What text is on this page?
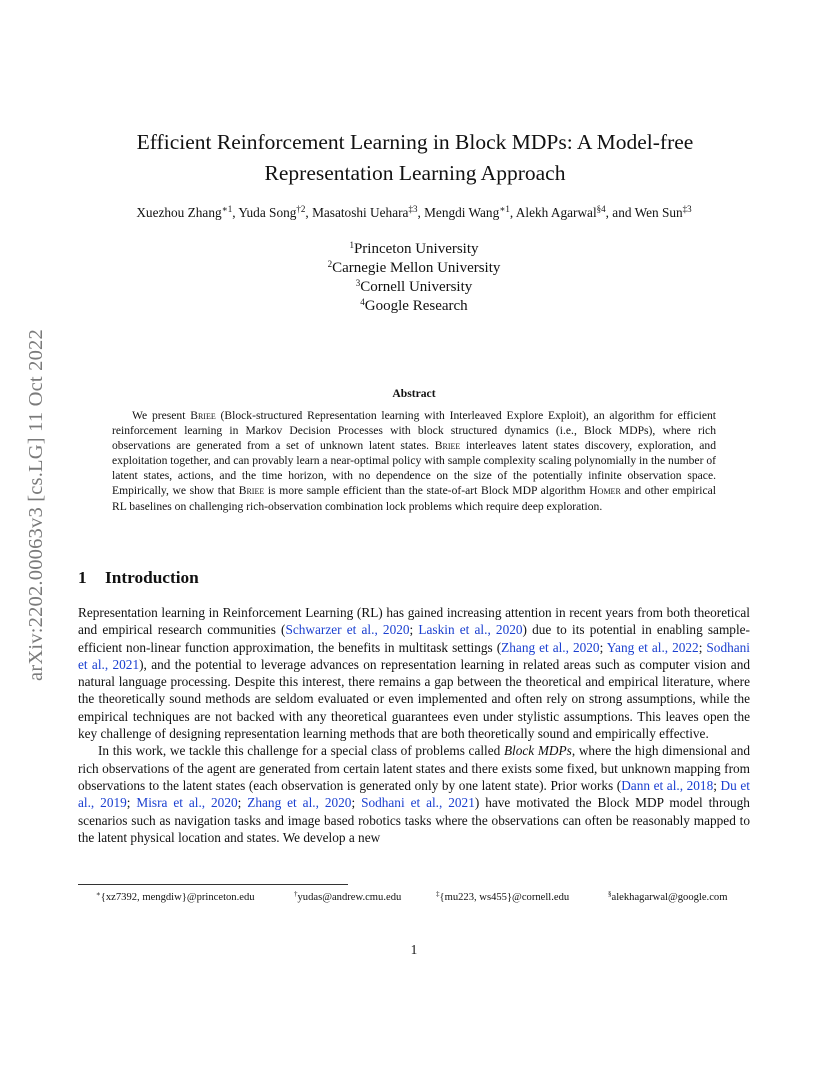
arXiv:2202.00063v3 [cs.LG] 11 Oct 2022
Efficient Reinforcement Learning in Block MDPs: A Model-free
Representation Learning Approach
Xuezhou Zhang$^{∗1}$, Yuda Song$^{\dagger 2}$, Masatoshi Uehara$^{\ddagger 3}$, Mengdi Wang$^{∗1}$, Alekh Agarwal$^{\S 4}$, and Wen Sun$^{\ddagger 3}$
$^1$Princeton University
$^2$Carnegie Mellon University
$^3$Cornell University
$^4$Google Research
Abstract

We present Briee (Block-structured Representation learning with Interleaved Explore Exploit), an algorithm for efficient reinforcement learning in Markov Decision Processes with block structured dynamics (i.e., Block MDPs), where rich observations are generated from a set of unknown latent states. Briee interleaves latent states discovery, exploration, and exploitation together, and can provably learn a near-optimal policy with sample complexity scaling polynomially in the number of latent states, actions, and the time horizon, with no dependence on the size of the potentially infinite observation space. Empirically, we show that Briee is more sample efficient than the state-of-art Block MDP algorithm Homer and other empirical RL baselines on challenging rich-observation combination lock problems which require deep exploration.

1 Introduction

Representation learning in Reinforcement Learning (RL) has gained increasing attention in recent years from both theoretical and empirical research communities (Schwarzer et al., 2020; Laskin et al., 2020) due to its potential in enabling sample-efficient non-linear function approximation, the benefits in multitask settings (Zhang et al., 2020; Yang et al., 2022; Sodhani et al., 2021), and the potential to leverage advances on representation learning in related areas such as computer vision and natural language processing. Despite this interest, there remains a gap between the theoretical and empirical literature, where the theoretically sound methods are seldom evaluated or even implemented and often rely on strong assumptions, while the empirical techniques are not backed with any theoretical guarantees even under stylistic assumptions. This leaves open the key challenge of designing representation learning methods that are both theoretically sound and empirically effective.

In this work, we tackle this challenge for a special class of problems called Block MDPs, where the high dimensional and rich observations of the agent are generated from certain latent states and there exists some fixed, but unknown mapping from observations to the latent states (each observation is generated only by one latent state). Prior works (Dann et al., 2018; Du et al., 2019; Misra et al., 2020; Zhang et al., 2020; Sodhani et al., 2021) have motivated the Block MDP model through scenarios such as navigation tasks and image based robotics tasks where the observations can often be reasonably mapped to the latent physical location and states. We develop a new

∗{xz7392, mengdiw}@princeton.edu	†yudas@andrew.cmu.edu	‡{mu223, ws455}@cornell.edu	§alekhagarwal@google.com
1
